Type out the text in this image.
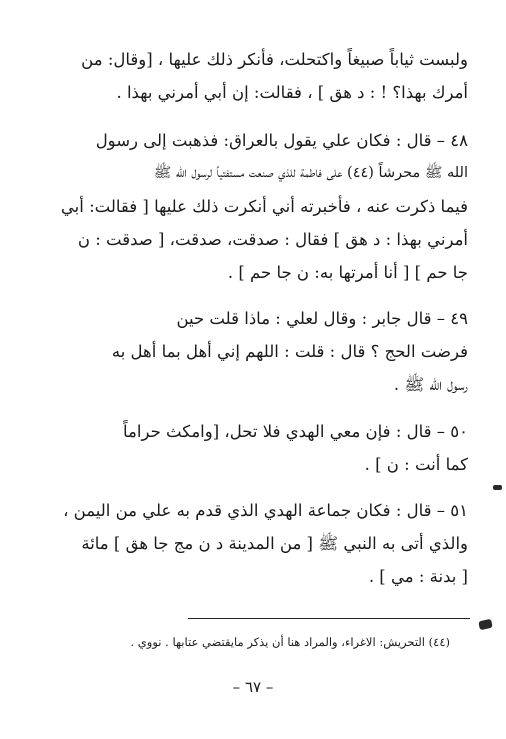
ولبست ثياباً صبيغاً واكتحلت، فأنكر ذلك عليها ، [وقال: من
أمرك بهذا؟ ! : د هق ] ، فقالت: إن أبي أمرني بهذا .
٤٨ – قال : فكان علي يقول بالعراق: فذهبت إلى رسول
الله ﷺ محرشاً (٤٤) على فاطمة للذي صنعت مستفتياً لرسول الله ﷺ
فيما ذكرت عنه ، فأخبرته أني أنكرت ذلك عليها [ فقالت: أبي
أمرني بهذا : د هق ] فقال : صدقت، صدقت، [ صدقت : ن
جا حم ] [ أنا أمرتها به: ن جا حم ] .
٤٩ – قال جابر : وقال لعلي : ماذا قلت حين
فرضت الحج ؟ قال : قلت : اللهم إني أهل بما أهل به
رسول الله ﷺ .
٥٠ – قال : فإن معي الهدي فلا تحل، [وامكث حراماً
كما أنت : ن ] .
٥١ – قال : فكان جماعة الهدي الذي قدم به علي من اليمن ،
والذي أتى به النبي ﷺ [ من المدينة د ن مج جا هق ] مائة
[ بدنة : مي ] .
(٤٤) التحريش: الاغراء، والمراد هنا أن يذكر مايقتضي عتابها . نووي .
– ٦٧ –
